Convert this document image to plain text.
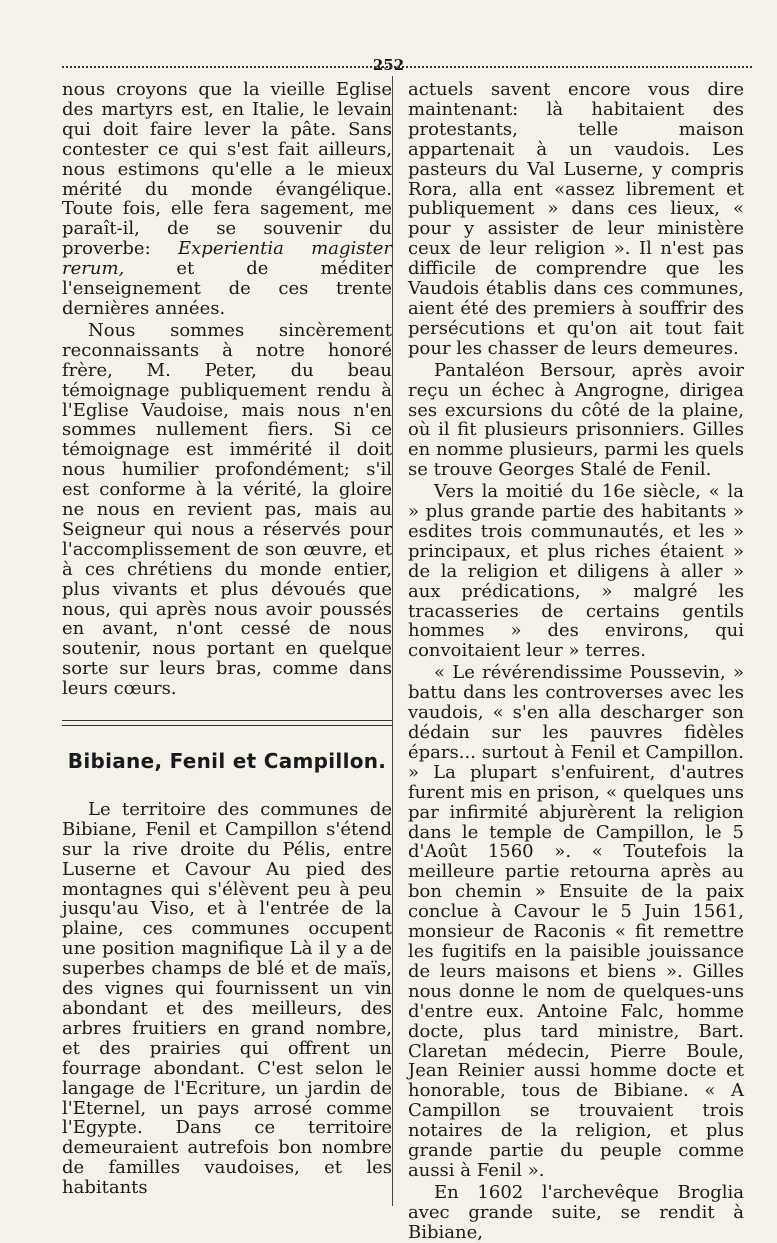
252

nous croyons que la vieille Eglise des martyrs est, en Italie, le levain qui doit faire lever la pâte. Sans contester ce qui s'est fait ailleurs, nous estimons qu'elle a le mieux mérité du monde évangélique. Toute fois, elle fera sagement, me paraît-il, de se souvenir du proverbe: Experientia magister rerum,	et de méditer l'enseignement de ces trente dernières années.

Nous sommes sincèrement reconnaissants à notre honoré frère, M. Peter, du beau témoignage publiquement rendu à l'Eglise Vaudoise, mais nous n'en sommes nullement fiers. Si ce témoignage est immérité il doit nous humilier profondément; s'il est conforme à la vérité, la gloire ne nous en revient pas, mais au Seigneur qui nous a réservés pour l'accomplissement de son œuvre, et à ces chrétiens du monde entier, plus vivants et plus dévoués que nous, qui après nous avoir poussés en avant, n'ont cessé de nous soutenir, nous portant en quelque sorte sur leurs bras, comme dans leurs cœurs.

Bibiane, Fenil et Campillon.

Le territoire des communes de Bibiane, Fenil et Campillon s'étend sur la rive droite du Pélis, entre Luserne et Cavour Au pied des montagnes qui s'élèvent peu à peu jusqu'au Viso, et à l'entrée de la plaine, ces communes occupent une position magnifique Là il y a de superbes champs de blé et de maïs, des vignes qui fournissent un vin abondant et des meilleurs, des arbres fruitiers en grand nombre, et des prairies qui offrent un fourrage abondant. C'est selon le langage de l'Ecriture, un jardin de l'Eternel, un pays arrosé comme l'Egypte. Dans ce territoire demeuraient autrefois bon nombre de familles vaudoises, et les habitants

actuels savent encore vous dire maintenant: là habitaient des protestants, telle maison appartenait à un vaudois. Les pasteurs du Val Luserne, y compris Rora, alla ent «assez librement et publiquement » dans ces lieux, « pour y assister de leur ministère ceux de leur religion ». Il n'est pas difficile de comprendre que les Vaudois établis dans ces communes, aient été des premiers à souffrir des persécutions et qu'on ait tout fait pour les chasser de leurs demeures.

Pantaléon Bersour, après avoir reçu un échec à Angrogne, dirigea ses excursions du côté de la plaine, où il fit plusieurs prisonniers. Gilles en nomme plusieurs, parmi les quels se trouve Georges Stalé de Fenil.

Vers la moitié du 16e siècle, « la » plus grande partie des habitants » esdites trois communautés, et les » principaux, et plus riches étaient » de la religion et diligens à aller » aux prédications, » malgré les tracasseries de certains gentils hommes » des environs, qui convoitaient leur » terres.

« Le révérendissime Poussevin, » battu dans les controverses avec les vaudois, « s'en alla descharger son dédain sur les pauvres fidèles épars... surtout à Fenil et Campillon. » La plupart s'enfuirent, d'autres furent mis en prison, « quelques uns par infirmité abjurèrent la religion dans le temple de Campillon, le 5 d'Août 1560 ». « Toutefois la meilleure partie retourna après au bon chemin » Ensuite de la paix conclue à Cavour le 5 Juin 1561, monsieur de Raconis « fit remettre les fugitifs en la paisible jouissance de leurs maisons et biens ». Gilles nous donne le nom de quelques-uns d'entre eux. Antoine Falc, homme docte, plus tard ministre, Bart. Claretan médecin, Pierre Boule, Jean Reinier aussi homme docte et honorable, tous de Bibiane. « A Campillon se trouvaient trois notaires de la religion, et plus grande partie du peuple comme aussi à Fenil ».

En 1602 l'archevêque Broglia avec grande suite, se rendit à Bibiane,
